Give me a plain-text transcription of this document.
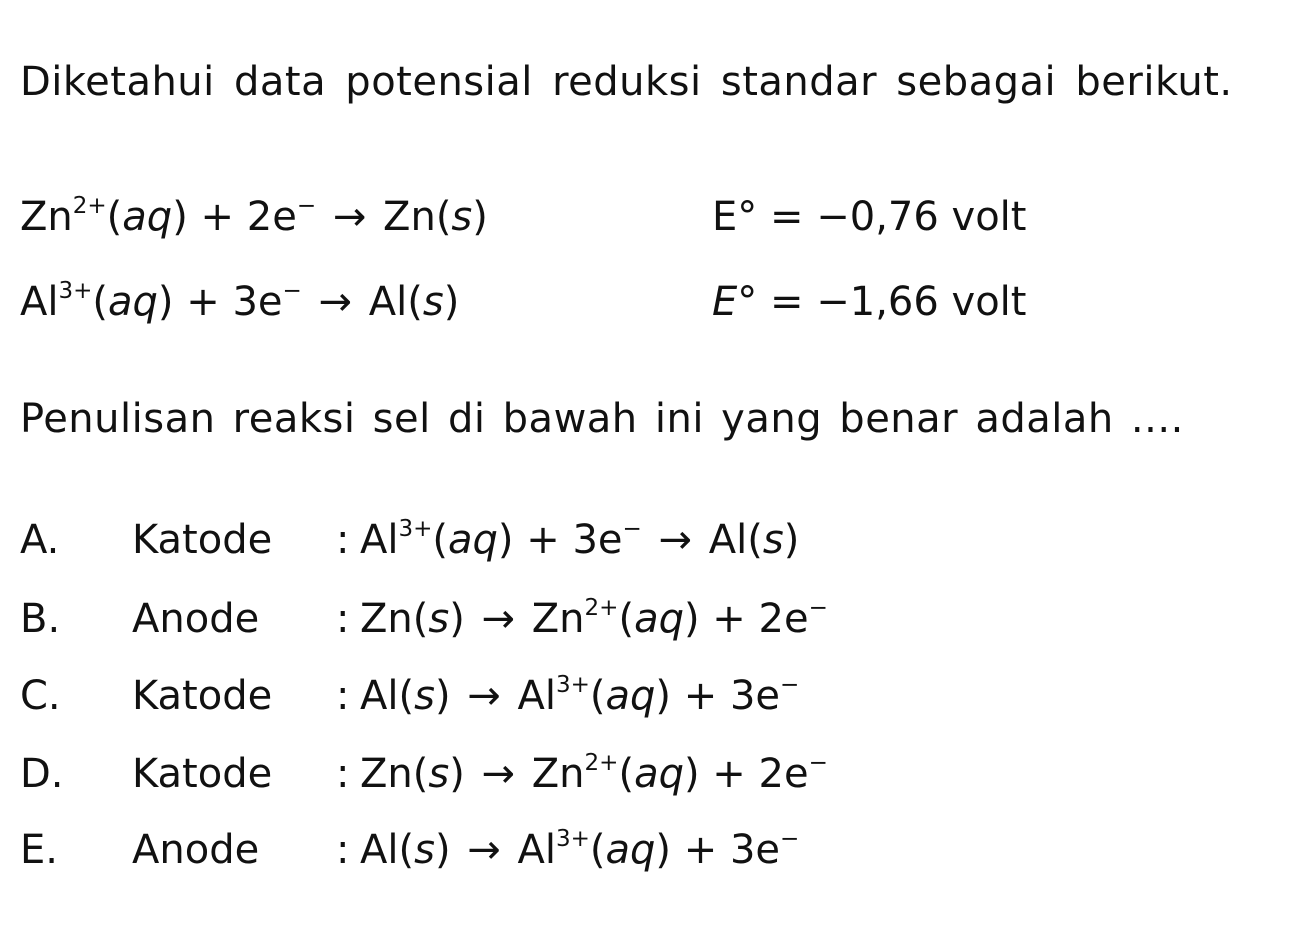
Diketahui data potensial reduksi standar sebagai berikut.

$Zn^{2+}(aq) + 2e^- \to Zn(s)$	E° = −0,76 volt
$Al^{3+}(aq) + 3e^- \to Al(s)$	E° = −1,66 volt

Penulisan reaksi sel di bawah ini yang benar adalah ....

A. Katode : $Al^{3+}(aq) + 3e^- \to Al(s)$
B. Anode : $Zn(s) \to Zn^{2+}(aq) + 2e^-$
C. Katode : $Al(s) \to Al^{3+}(aq) + 3e^-$
D. Katode : $Zn(s) \to Zn^{2+}(aq) + 2e^-$
E. Anode : $Al(s) \to Al^{3+}(aq) + 3e^-$
